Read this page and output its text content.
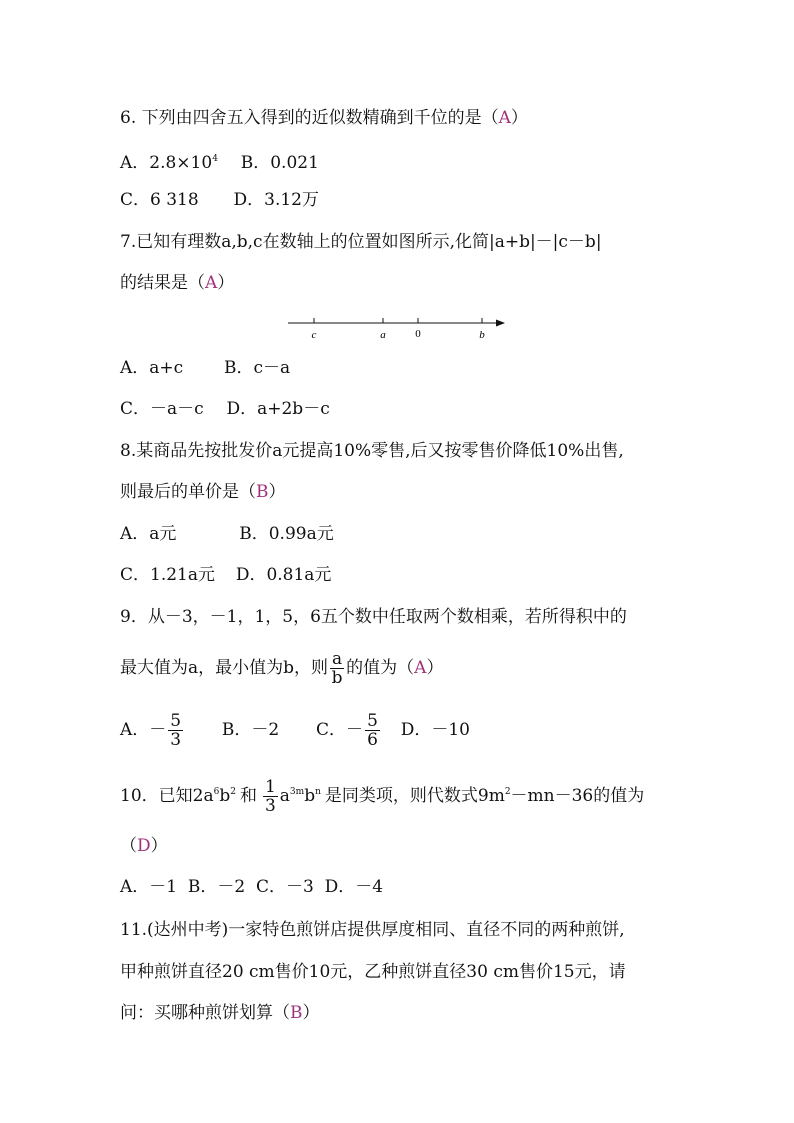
6. 下列由四舍五入得到的近似数精确到千位的是（A）
A．$2.8\times 10^4$ B．0.021
C．6 318 D．3.12万
7.已知有理数a,b,c在数轴上的位置如图所示,化简|a+b|－|c－b|
的结果是（A）
c	a	0	b
A．a+c B．c－a
C．－a－c D．a+2b－c
8.某商品先按批发价a元提高10%零售,后又按零售价降低10%出售,
则最后的单价是（B）
A．a元	B．0.99a元
C．1.21a元 D．0.81a元
9．从－3，－1，1，5，6五个数中任取两个数相乘，若所得积中的
最大值为a，最小值为b，则 $\frac{a}{b}$ 的值为（A）
A．－ $\frac{5}{3}$ B．－2 C．－ $\frac{5}{6}$ D．－10
10．已知$2a^6b^2$ 和 $\frac{1}{3} a^{3m}b^n$ 是同类项，则代数式$9m^2-mn-36$的值为
（D）
A．－1  B．－2  C．－3  D．－4
11.(达州中考)一家特色煎饼店提供厚度相同、直径不同的两种煎饼,
甲种煎饼直径20 cm售价10元，乙种煎饼直径30 cm售价15元，请
问：买哪种煎饼划算（B）
